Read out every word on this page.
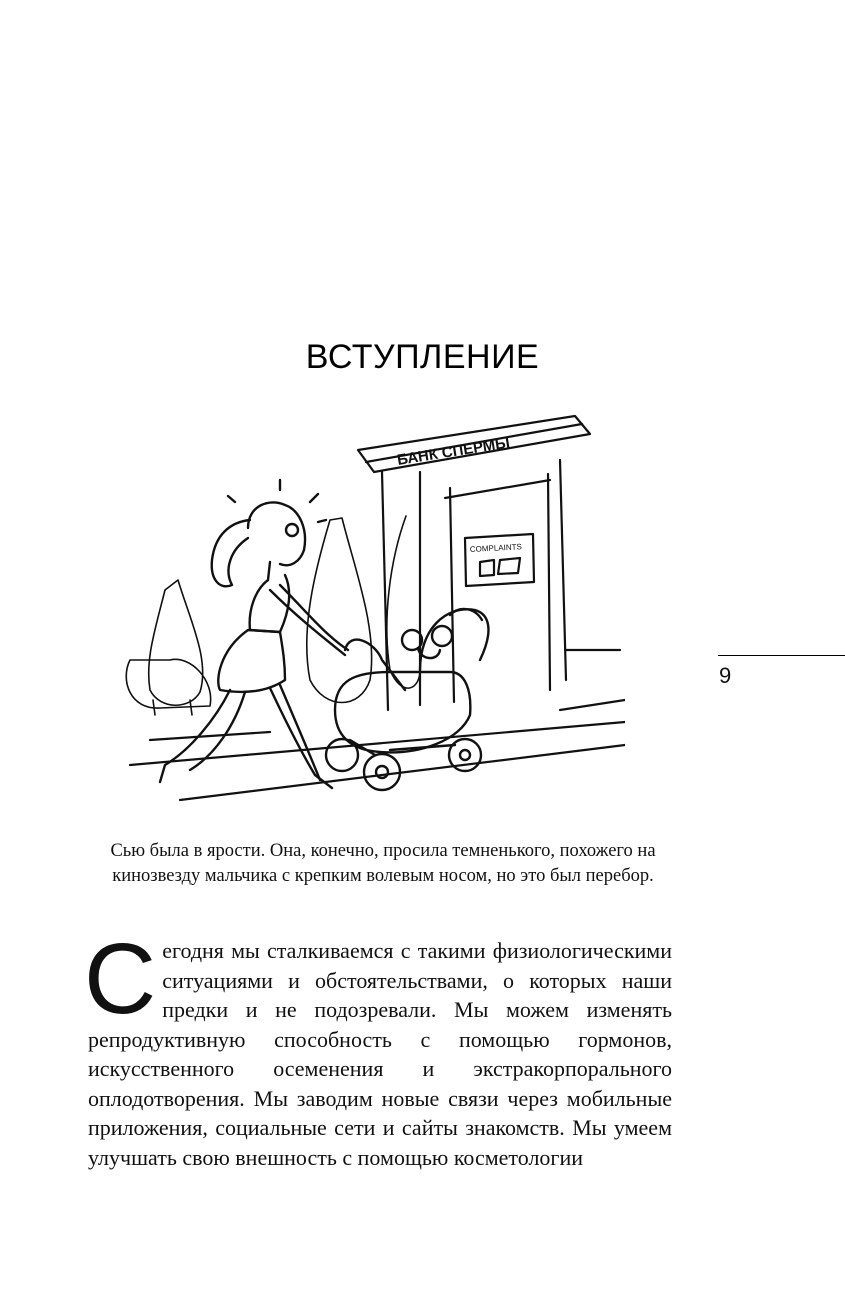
ВСТУПЛЕНИЕ
БАНК СПЕРМЫ
COMPLAINTS
9

Сью была в ярости. Она, конечно, просила темненького, похожего на кинозвезду мальчика с крепким волевым носом, но это был перебор.

Сегодня мы сталкиваемся с такими физиологическими ситуациями и обстоятельствами, о которых наши предки и не подозревали. Мы можем изменять репродуктивную способность с помощью гормонов, искусственного осеменения и экстракорпорального оплодотворения. Мы заводим новые связи через мобильные приложения, социальные сети и сайты знакомств. Мы умеем улучшать свою внешность с помощью косметологии
